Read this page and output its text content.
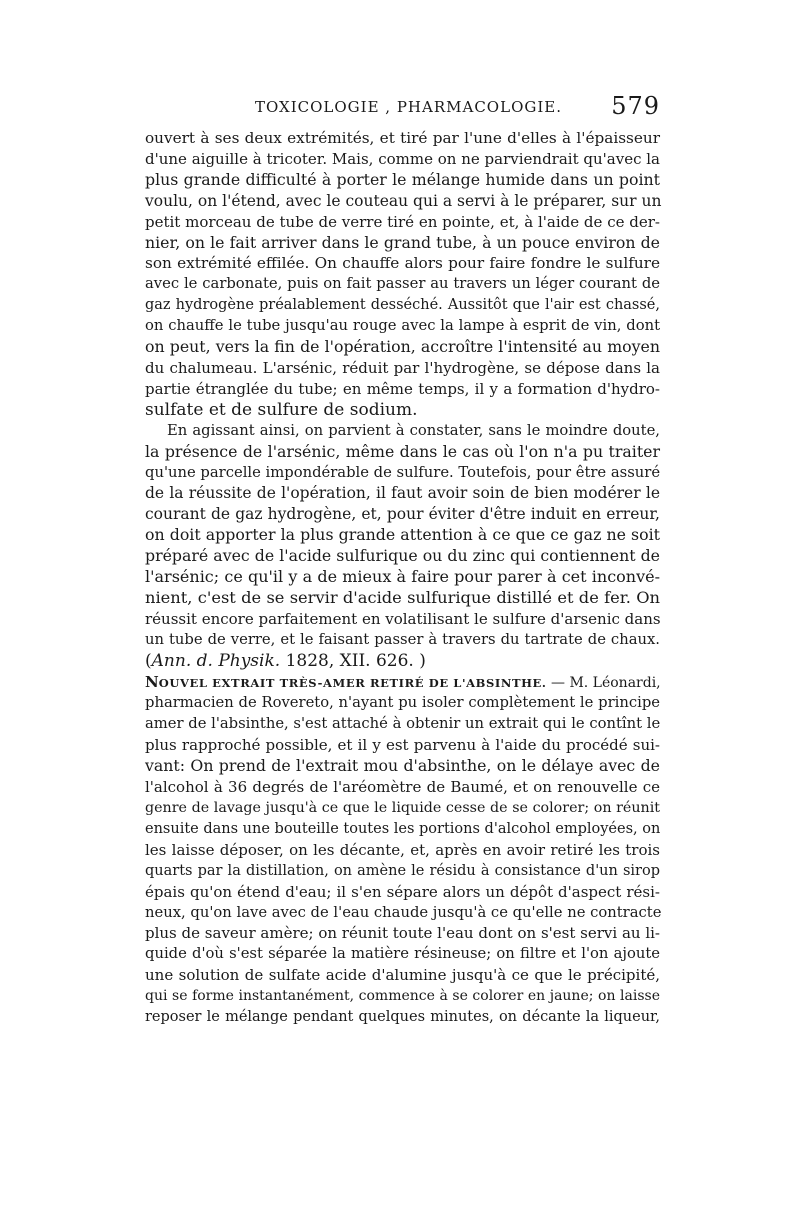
TOXICOLOGIE , PHARMACOLOGIE. 579
ouvert à ses deux extrémités, et tiré par l'une d'elles à l'épaisseur
d'une aiguille à tricoter. Mais, comme on ne parviendrait qu'avec la
plus grande difficulté à porter le mélange humide dans un point
voulu, on l'étend, avec le couteau qui a servi à le préparer, sur un
petit morceau de tube de verre tiré en pointe, et, à l'aide de ce der-
nier, on le fait arriver dans le grand tube, à un pouce environ de
son extrémité effilée. On chauffe alors pour faire fondre le sulfure
avec le carbonate, puis on fait passer au travers un léger courant de
gaz hydrogène préalablement desséché. Aussitôt que l'air est chassé,
on chauffe le tube jusqu'au rouge avec la lampe à esprit de vin, dont
on peut, vers la fin de l'opération, accroître l'intensité au moyen
du chalumeau. L'arsénic, réduit par l'hydrogène, se dépose dans la
partie étranglée du tube; en même temps, il y a formation d'hydro-
sulfate et de sulfure de sodium.
En agissant ainsi, on parvient à constater, sans le moindre doute,
la présence de l'arsénic, même dans le cas où l'on n'a pu traiter
qu'une parcelle impondérable de sulfure. Toutefois, pour être assuré
de la réussite de l'opération, il faut avoir soin de bien modérer le
courant de gaz hydrogène, et, pour éviter d'être induit en erreur,
on doit apporter la plus grande attention à ce que ce gaz ne soit
préparé avec de l'acide sulfurique ou du zinc qui contiennent de
l'arsénic; ce qu'il y a de mieux à faire pour parer à cet inconvé-
nient, c'est de se servir d'acide sulfurique distillé et de fer. On
réussit encore parfaitement en volatilisant le sulfure d'arsenic dans
un tube de verre, et le faisant passer à travers du tartrate de chaux.
(Ann. d. Physik. 1828, XII. 626. )
NOUVEL EXTRAIT TRÈS-AMER RETIRÉ DE L'ABSINTHE. — M. Léonardi,
pharmacien de Rovereto, n'ayant pu isoler complètement le principe
amer de l'absinthe, s'est attaché à obtenir un extrait qui le contînt le
plus rapproché possible, et il y est parvenu à l'aide du procédé sui-
vant: On prend de l'extrait mou d'absinthe, on le délaye avec de
l'alcohol à 36 degrés de l'aréomètre de Baumé, et on renouvelle ce
genre de lavage jusqu'à ce que le liquide cesse de se colorer; on réunit
ensuite dans une bouteille toutes les portions d'alcohol employées, on
les laisse déposer, on les décante, et, après en avoir retiré les trois
quarts par la distillation, on amène le résidu à consistance d'un sirop
épais qu'on étend d'eau; il s'en sépare alors un dépôt d'aspect rési-
neux, qu'on lave avec de l'eau chaude jusqu'à ce qu'elle ne contracte
plus de saveur amère; on réunit toute l'eau dont on s'est servi au li-
quide d'où s'est séparée la matière résineuse; on filtre et l'on ajoute
une solution de sulfate acide d'alumine jusqu'à ce que le précipité,
qui se forme instantanément, commence à se colorer en jaune; on laisse
reposer le mélange pendant quelques minutes, on décante la liqueur,
